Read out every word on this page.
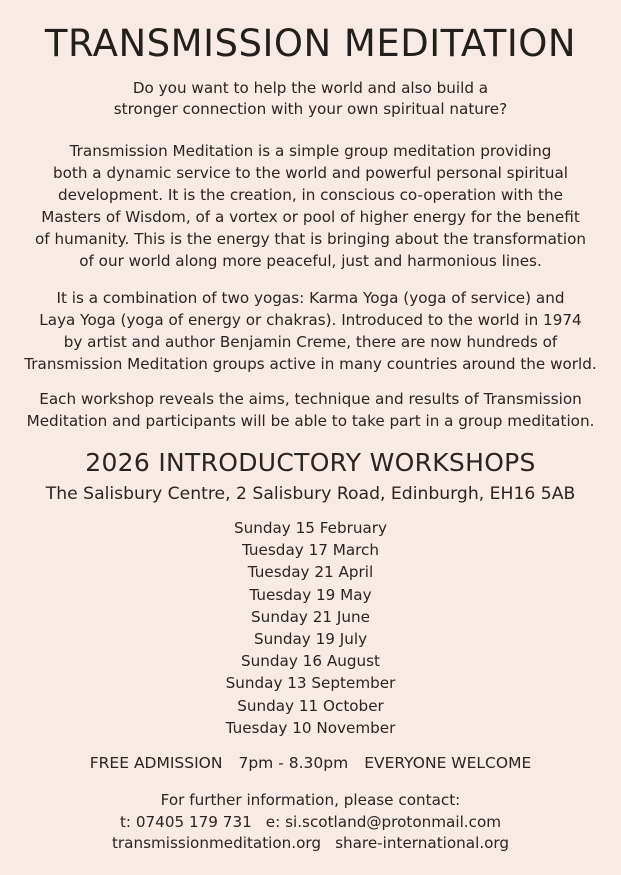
TRANSMISSION MEDITATION
Do you want to help the world and also build a
stronger connection with your own spiritual nature?
Transmission Meditation is a simple group meditation providing
both a dynamic service to the world and powerful personal spiritual
development. It is the creation, in conscious co-operation with the
Masters of Wisdom, of a vortex or pool of higher energy for the benefit
of humanity. This is the energy that is bringing about the transformation
of our world along more peaceful, just and harmonious lines.
It is a combination of two yogas: Karma Yoga (yoga of service) and
Laya Yoga (yoga of energy or chakras). Introduced to the world in 1974
by artist and author Benjamin Creme, there are now hundreds of
Transmission Meditation groups active in many countries around the world.
Each workshop reveals the aims, technique and results of Transmission
Meditation and participants will be able to take part in a group meditation.
2026 INTRODUCTORY WORKSHOPS
The Salisbury Centre, 2 Salisbury Road, Edinburgh, EH16 5AB
Sunday 15 February
Tuesday 17 March
Tuesday 21 April
Tuesday 19 May
Sunday 21 June
Sunday 19 July
Sunday 16 August
Sunday 13 September
Sunday 11 October
Tuesday 10 November
FREE ADMISSION 7pm - 8.30pm EVERYONE WELCOME
For further information, please contact:
t: 07405 179 731 e: si.scotland@protonmail.com
transmissionmeditation.org share-international.org
